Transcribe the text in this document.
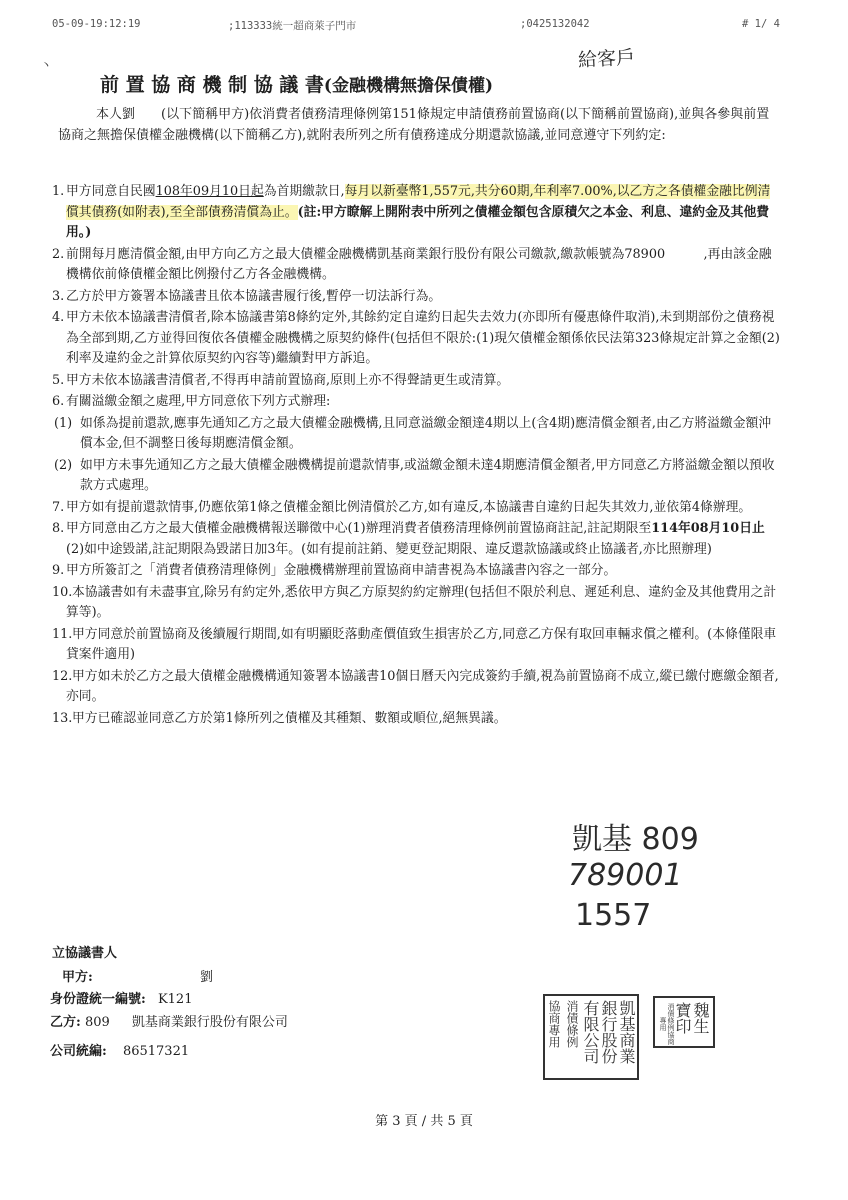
05-09-19:12:19	;113333統一超商萊子門市	;0425132042	# 1/ 4
丶	給客戶
前 置 協 商 機 制 協 議 書(金融機構無擔保債權)

本人劉　　(以下簡稱甲方)依消費者債務清理條例第151條規定申請債務前置協商(以下簡稱前置協商),並與各參與前置協商之無擔保債權金融機構(以下簡稱乙方),就附表所列之所有債務達成分期還款協議,並同意遵守下列約定:

1. 甲方同意自民國108年09月10日起為首期繳款日,每月以新臺幣1,557元,共分60期,年利率7.00%,以乙方之各債權金融比例清償其債務(如附表),至全部債務清償為止。(註:甲方瞭解上開附表中所列之債權金額包含原積欠之本金、利息、違約金及其他費用。)
2. 前開每月應清償金額,由甲方向乙方之最大債權金融機構凱基商業銀行股份有限公司繳款,繳款帳號為78900　　　,再由該金融機構依前條債權金額比例撥付乙方各金融機構。
3. 乙方於甲方簽署本協議書且依本協議書履行後,暫停一切法訴行為。
4. 甲方未依本協議書清償者,除本協議書第8條約定外,其餘約定自違約日起失去效力(亦即所有優惠條件取消),未到期部份之債務視為全部到期,乙方並得回復依各債權金融機構之原契約條件(包括但不限於:(1)現欠債權金額係依民法第323條規定計算之金額(2)利率及違約金之計算依原契約內容等)繼續對甲方訴追。
5. 甲方未依本協議書清償者,不得再申請前置協商,原則上亦不得聲請更生或清算。
6. 有關溢繳金額之處理,甲方同意依下列方式辦理:
(1) 如係為提前還款,應事先通知乙方之最大債權金融機構,且同意溢繳金額達4期以上(含4期)應清償金額者,由乙方將溢繳金額沖償本金,但不調整日後每期應清償金額。
(2) 如甲方未事先通知乙方之最大債權金融機構提前還款情事,或溢繳金額未達4期應清償金額者,甲方同意乙方將溢繳金額以預收款方式處理。
7. 甲方如有提前還款情事,仍應依第1條之債權金額比例清償於乙方,如有違反,本協議書自違約日起失其效力,並依第4條辦理。
8. 甲方同意由乙方之最大債權金融機構報送聯徵中心(1)辦理消費者債務清理條例前置協商註記,註記期限至114年08月10日止(2)如中途毀諾,註記期限為毀諾日加3年。(如有提前註銷、變更登記期限、違反還款協議或終止協議者,亦比照辦理)
9. 甲方所簽訂之「消費者債務清理條例」金融機構辦理前置協商申請書視為本協議書內容之一部分。
10. 本協議書如有未盡事宜,除另有約定外,悉依甲方與乙方原契約約定辦理(包括但不限於利息、遲延利息、違約金及其他費用之計算等)。
11. 甲方同意於前置協商及後續履行期間,如有明顯貶落動產價值致生損害於乙方,同意乙方保有取回車輛求償之權利。(本條僅限車貸案件適用)
12. 甲方如未於乙方之最大債權金融機構通知簽署本協議書10個日曆天內完成簽約手續,視為前置協商不成立,縱已繳付應繳金額者,亦同。
13. 甲方已確認並同意乙方於第1條所列之債權及其種類、數額或順位,絕無異議。
凱基 809
789001
1557
立協議書人
甲方:	劉
身份證統一編號: K121
乙方: 809 凱基商業銀行股份有限公司
公司統編: 86517321	凱基商業
銀行股份
有限公司
消債條例
協商專用	魏生
寶印
消債條例協商專用
第 3 頁 / 共 5 頁
